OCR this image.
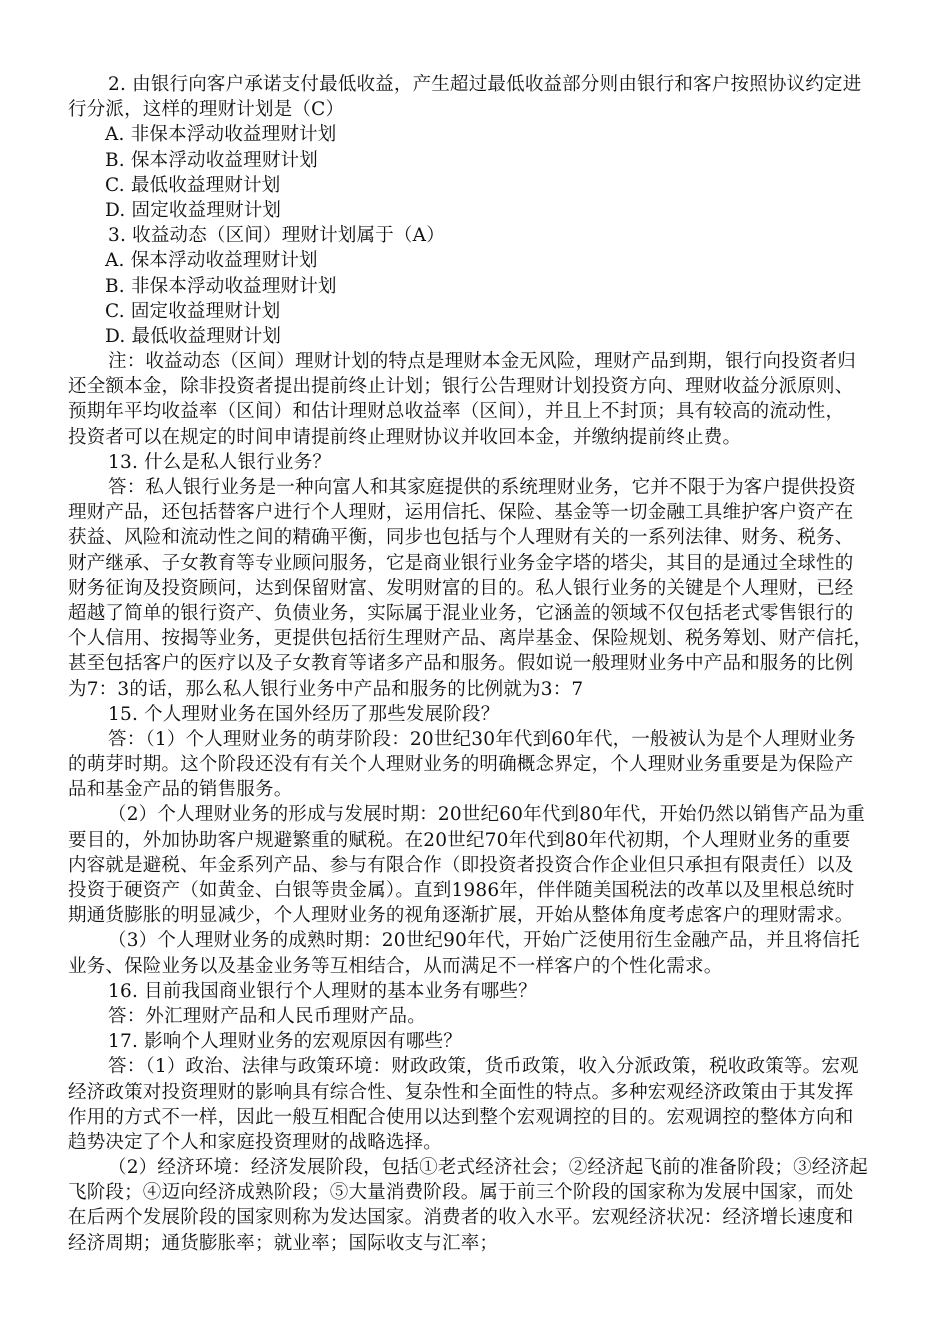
2. 由银行向客户承诺支付最低收益，产生超过最低收益部分则由银行和客户按照协议约定进
行分派，这样的理财计划是（C）
A. 非保本浮动收益理财计划
B. 保本浮动收益理财计划
C. 最低收益理财计划
D. 固定收益理财计划
3. 收益动态（区间）理财计划属于（A）
A. 保本浮动收益理财计划
B. 非保本浮动收益理财计划
C. 固定收益理财计划
D. 最低收益理财计划
注：收益动态（区间）理财计划的特点是理财本金无风险，理财产品到期，银行向投资者归
还全额本金，除非投资者提出提前终止计划；银行公告理财计划投资方向、理财收益分派原则、
预期年平均收益率（区间）和估计理财总收益率（区间），并且上不封顶；具有较高的流动性，
投资者可以在规定的时间申请提前终止理财协议并收回本金，并缴纳提前终止费。
13. 什么是私人银行业务？
答：私人银行业务是一种向富人和其家庭提供的系统理财业务，它并不限于为客户提供投资
理财产品，还包括替客户进行个人理财，运用信托、保险、基金等一切金融工具维护客户资产在
获益、风险和流动性之间的精确平衡，同步也包括与个人理财有关的一系列法律、财务、税务、
财产继承、子女教育等专业顾问服务，它是商业银行业务金字塔的塔尖，其目的是通过全球性的
财务征询及投资顾问，达到保留财富、发明财富的目的。私人银行业务的关键是个人理财，已经
超越了简单的银行资产、负债业务，实际属于混业业务，它涵盖的领域不仅包括老式零售银行的
个人信用、按揭等业务，更提供包括衍生理财产品、离岸基金、保险规划、税务筹划、财产信托，
甚至包括客户的医疗以及子女教育等诸多产品和服务。假如说一般理财业务中产品和服务的比例
为7：3的话，那么私人银行业务中产品和服务的比例就为3：7
15. 个人理财业务在国外经历了那些发展阶段？
答：（1）个人理财业务的萌芽阶段：20世纪30年代到60年代，一般被认为是个人理财业务
的萌芽时期。这个阶段还没有有关个人理财业务的明确概念界定，个人理财业务重要是为保险产
品和基金产品的销售服务。
（2）个人理财业务的形成与发展时期：20世纪60年代到80年代，开始仍然以销售产品为重
要目的，外加协助客户规避繁重的赋税。在20世纪70年代到80年代初期，个人理财业务的重要
内容就是避税、年金系列产品、参与有限合作（即投资者投资合作企业但只承担有限责任）以及
投资于硬资产（如黄金、白银等贵金属）。直到1986年，伴伴随美国税法的改革以及里根总统时
期通货膨胀的明显减少，个人理财业务的视角逐渐扩展，开始从整体角度考虑客户的理财需求。
（3）个人理财业务的成熟时期：20世纪90年代，开始广泛使用衍生金融产品，并且将信托
业务、保险业务以及基金业务等互相结合，从而满足不一样客户的个性化需求。
16. 目前我国商业银行个人理财的基本业务有哪些？
答：外汇理财产品和人民币理财产品。
17. 影响个人理财业务的宏观原因有哪些？
答：（1）政治、法律与政策环境：财政政策，货币政策，收入分派政策，税收政策等。宏观
经济政策对投资理财的影响具有综合性、复杂性和全面性的特点。多种宏观经济政策由于其发挥
作用的方式不一样，因此一般互相配合使用以达到整个宏观调控的目的。宏观调控的整体方向和
趋势决定了个人和家庭投资理财的战略选择。
（2）经济环境：经济发展阶段，包括①老式经济社会；②经济起飞前的准备阶段；③经济起
飞阶段；④迈向经济成熟阶段；⑤大量消费阶段。属于前三个阶段的国家称为发展中国家，而处
在后两个发展阶段的国家则称为发达国家。消费者的收入水平。宏观经济状况：经济增长速度和
经济周期；通货膨胀率；就业率；国际收支与汇率；
